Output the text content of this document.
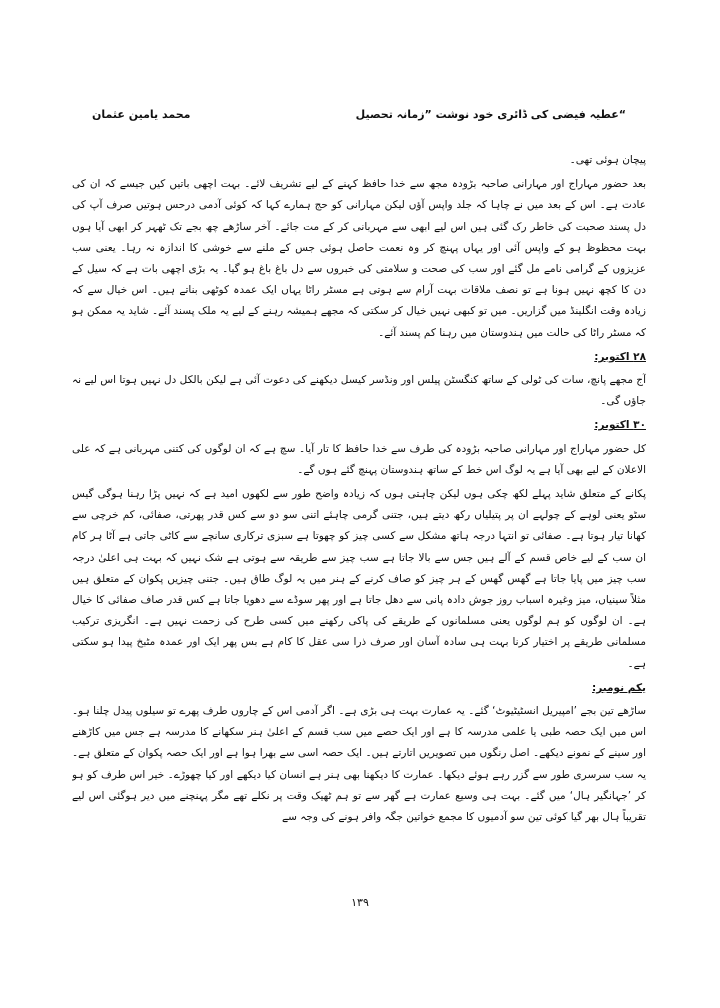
محمد یامین عثمان	عطیہ فیضی کی ڈائری خود نوشت ”زمانہ تحصیل“

پیچان ہوئی تھی۔

بعد حضور مہاراج اور مہارانی صاحبہ بڑودہ مجھ سے خدا حافظ کہنے کے لیے تشریف لائے۔ بہت اچھی باتیں کیں جیسے کہ ان کی عادت ہے۔ اس کے بعد میں نے چاہا کہ جلد واپس آؤں لیکن مہارانی کو حج ہمارے کہا کہ کوئی آدمی درحس ہوتیں صرف آپ کی دل پسند صحبت کی خاطر رک گئی ہیں اس لیے ابھی سے مہربانی کر کے مت جائے۔ آخر ساڑھے چھ بجے تک ٹھہر کر ابھی آیا ہوں بہت محظوظ ہو کے واپس آئی اور یہاں پہنچ کر وہ نعمت حاصل ہوئی جس کے ملنے سے خوشی کا اندازہ نہ رہا۔ یعنی سب عزیزوں کے گرامی نامے مل گئے اور سب کی صحت و سلامتی کی خبروں سے دل باغ باغ ہو گیا۔ یہ بڑی اچھی بات ہے کہ سیل کے دن کا کچھ نہیں ہونا ہے تو نصف ملاقات بہت آرام سے ہوتی ہے مسٹر راٹا یہاں ایک عمدہ کوٹھی بناتے ہیں۔ اس خیال سے کہ زیادہ وقت انگلینڈ میں گزاریں۔ میں تو کبھی نہیں خیال کر سکتی کہ مجھے ہمیشہ رہنے کے لیے یہ ملک پسند آئے۔ شاید یہ ممکن ہو کہ مسٹر راٹا کی حالت میں ہندوستان میں رہنا کم پسند آئے۔

۲۸ اکتوبر:

آج مجھے پانچ، سات کی ٹولی کے ساتھ کنگسٹن پیلس اور ونڈسر کیسل دیکھنے کی دعوت آئی ہے لیکن بالکل دل نہیں ہوتا اس لیے نہ جاؤں گی۔

۳۰ اکتوبر:

کل حضور مہاراج اور مہارانی صاحبہ بڑودہ کی طرف سے خدا حافظ کا تار آیا۔ سچ ہے کہ ان لوگوں کی کتنی مہربانی ہے کہ علی الاعلان کے لیے بھی آیا ہے یہ لوگ اس خط کے ساتھ ہندوستان پہنچ گئے ہوں گے۔

پکانے کے متعلق شاید پہلے لکھ چکی ہوں لیکن چاہتی ہوں کہ زیادہ واضح طور سے لکھوں امید ہے کہ نہیں پڑا رہنا ہوگی گیس سٹو یعنی لوہے کے چولہے ان پر پتیلیاں رکھ دیتے ہیں، جتنی گرمی چاہئے اتنی سو دو سے کس قدر پھرتی، صفائی، کم خرچی سے کھانا تیار ہوتا ہے۔ صفائی تو انتہا درجہ ہاتھ مشکل سے کسی چیز کو چھوتا ہے سبزی ترکاری سانچے سے کاٹی جاتی ہے آٹا ہر کام ان سب کے لیے خاص قسم کے آلے ہیں جس سے بالا جاتا ہے سب چیز سے طریقہ سے ہوتی ہے شک نہیں کہ بہت ہی اعلیٰ درجہ سب چیز میں پایا جاتا ہے گھس گھس کے ہر چیز کو صاف کرنے کے ہنر میں یہ لوگ طاق ہیں۔ جتنی چیزیں پکوان کے متعلق ہیں مثلاً سینیاں، میز وغیرہ اسباب روز جوش دادہ پانی سے دھل جاتا ہے اور پھر سوڈے سے دھویا جاتا ہے کس قدر صاف صفائی کا خیال ہے۔ ان لوگوں کو ہم لوگوں یعنی مسلمانوں کے طریقے کی پاکی رکھنے میں کسی طرح کی زحمت نہیں ہے۔ انگریزی ترکیب مسلمانی طریقے پر اختیار کرنا بہت ہی سادہ آسان اور صرف ذرا سی عقل کا کام ہے بس پھر ایک اور عمدہ مٹبخ پیدا ہو سکتی ہے۔

یکم نومبر:

ساڑھے تین بجے ’امپیریل انسٹیٹیوٹ‘ گئے۔ یہ عمارت بہت ہی بڑی ہے۔ اگر آدمی اس کے چاروں طرف پھرے تو سیلوں پیدل چلنا ہو۔ اس میں ایک حصہ طبی یا علمی مدرسہ کا ہے اور ایک حصے میں سب قسم کے اعلیٰ ہنر سکھانے کا مدرسہ ہے جس میں کاڑھنے اور سینے کے نمونے دیکھے۔ اصل رنگوں میں تصویریں اتارتے ہیں۔ ایک حصہ اسی سے بھرا ہوا ہے اور ایک حصہ پکوان کے متعلق ہے۔ یہ سب سرسری طور سے گزر رہے ہوئے دیکھا۔ عمارت کا دیکھنا بھی ہنر ہے انسان کیا دیکھے اور کیا چھوڑے۔ خیر اس طرف کو ہو کر ’جہانگیر ہال‘ میں گئے۔ بہت ہی وسیع عمارت ہے گھر سے تو ہم ٹھیک وقت پر نکلے تھے مگر پہنچنے میں دیر ہوگئی اس لیے تقریباً ہال بھر گیا کوئی تین سو آدمیوں کا مجمع خواتین جگہ وافر ہونے کی وجہ سے

۱۳۹
